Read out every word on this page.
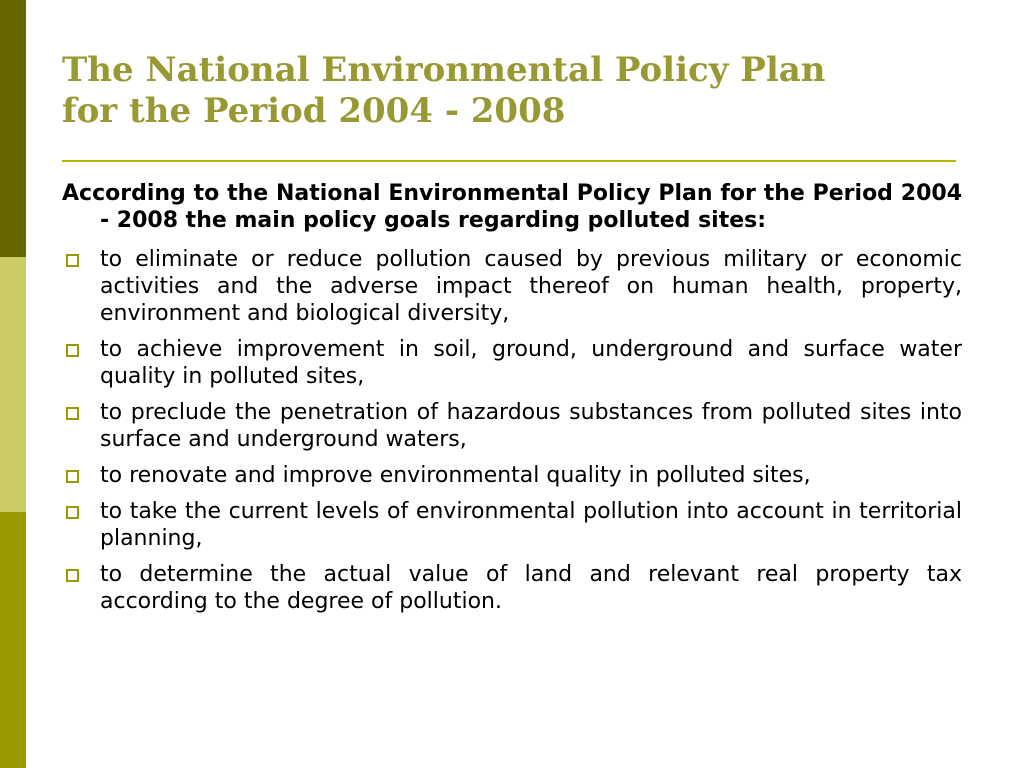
The National Environmental Policy Plan
for the Period 2004 - 2008

According to the National Environmental Policy Plan for the Period 2004 - 2008 the main policy goals regarding polluted sites:

to eliminate or reduce pollution caused by previous military or economic activities and the adverse impact thereof on human health, property, environment and biological diversity,
to achieve improvement in soil, ground, underground and surface water quality in polluted sites,
to preclude the penetration of hazardous substances from polluted sites into surface and underground waters,
to renovate and improve environmental quality in polluted sites,
to take the current levels of environmental pollution into account in territorial planning,
to determine the actual value of land and relevant real property tax according to the degree of pollution.
